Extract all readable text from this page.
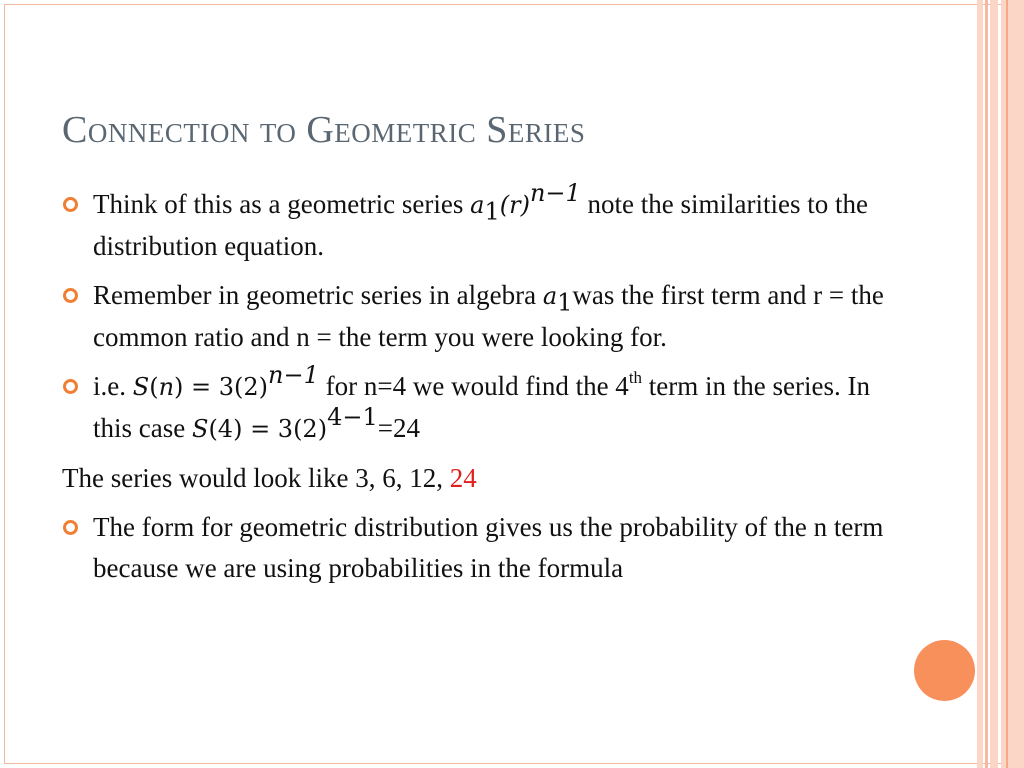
Connection to Geometric Series
Think of this as a geometric series $a_1(r)^{n-1}$ note the similarities to the distribution equation.
Remember in geometric series in algebra $a_1was$ the first term and r = the common ratio and n = the term you were looking for.
i.e. $S(n) = 3(2)^{n-1}$ for n=4 we would find the 4th term in the series. In this case $S(4) = 3(2)^{4-1}=24$
The series would look like 3, 6, 12, 24
The form for geometric distribution gives us the probability of the n term because we are using probabilities in the formula
